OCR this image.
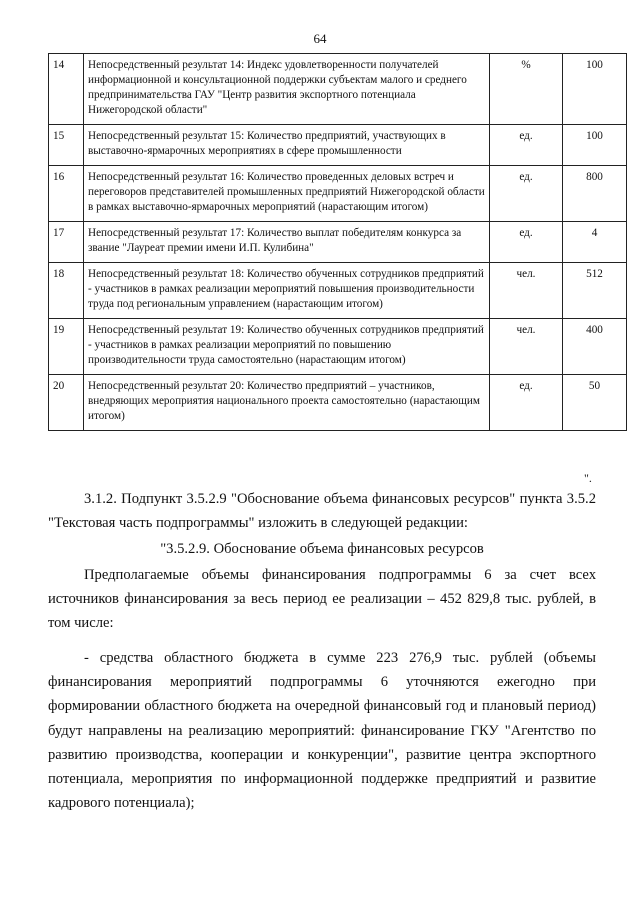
64
14	Непосредственный результат 14: Индекс удовлетворенности получателей информационной и консультационной поддержки субъектам малого и среднего предпринимательства ГАУ "Центр развития экспортного потенциала Нижегородской области"	%	100
15	Непосредственный результат 15: Количество предприятий, участвующих в выставочно-ярмарочных мероприятиях в сфере промышленности	ед.	100
16	Непосредственный результат 16: Количество проведенных деловых встреч и переговоров представителей промышленных предприятий Нижегородской области в рамках выставочно-ярмарочных мероприятий (нарастающим итогом)	ед.	800
17	Непосредственный результат 17: Количество выплат победителям конкурса за звание "Лауреат премии имени И.П. Кулибина"	ед.	4
18	Непосредственный результат 18: Количество обученных сотрудников предприятий - участников в рамках реализации мероприятий повышения производительности труда под региональным управлением (нарастающим итогом)	чел.	512
19	Непосредственный результат 19: Количество обученных сотрудников предприятий - участников в рамках реализации мероприятий по повышению производительности труда самостоятельно (нарастающим итогом)	чел.	400
20	Непосредственный результат 20: Количество предприятий – участников, внедряющих мероприятия национального проекта самостоятельно (нарастающим итогом)	ед.	50
".
3.1.2. Подпункт 3.5.2.9 "Обоснование объема финансовых ресурсов" пункта 3.5.2 "Текстовая часть подпрограммы" изложить в следующей редакции:
"3.5.2.9. Обоснование объема финансовых ресурсов
Предполагаемые объемы финансирования подпрограммы 6 за счет всех источников финансирования за весь период ее реализации – 452 829,8 тыс. рублей, в том числе:
- средства областного бюджета в сумме 223 276,9 тыс. рублей (объемы финансирования мероприятий подпрограммы 6 уточняются ежегодно при формировании областного бюджета на очередной финансовый год и плановый период) будут направлены на реализацию мероприятий: финансирование ГКУ "Агентство по развитию производства, кооперации и конкуренции", развитие центра экспортного потенциала, мероприятия по информационной поддержке предприятий и развитие кадрового потенциала);
